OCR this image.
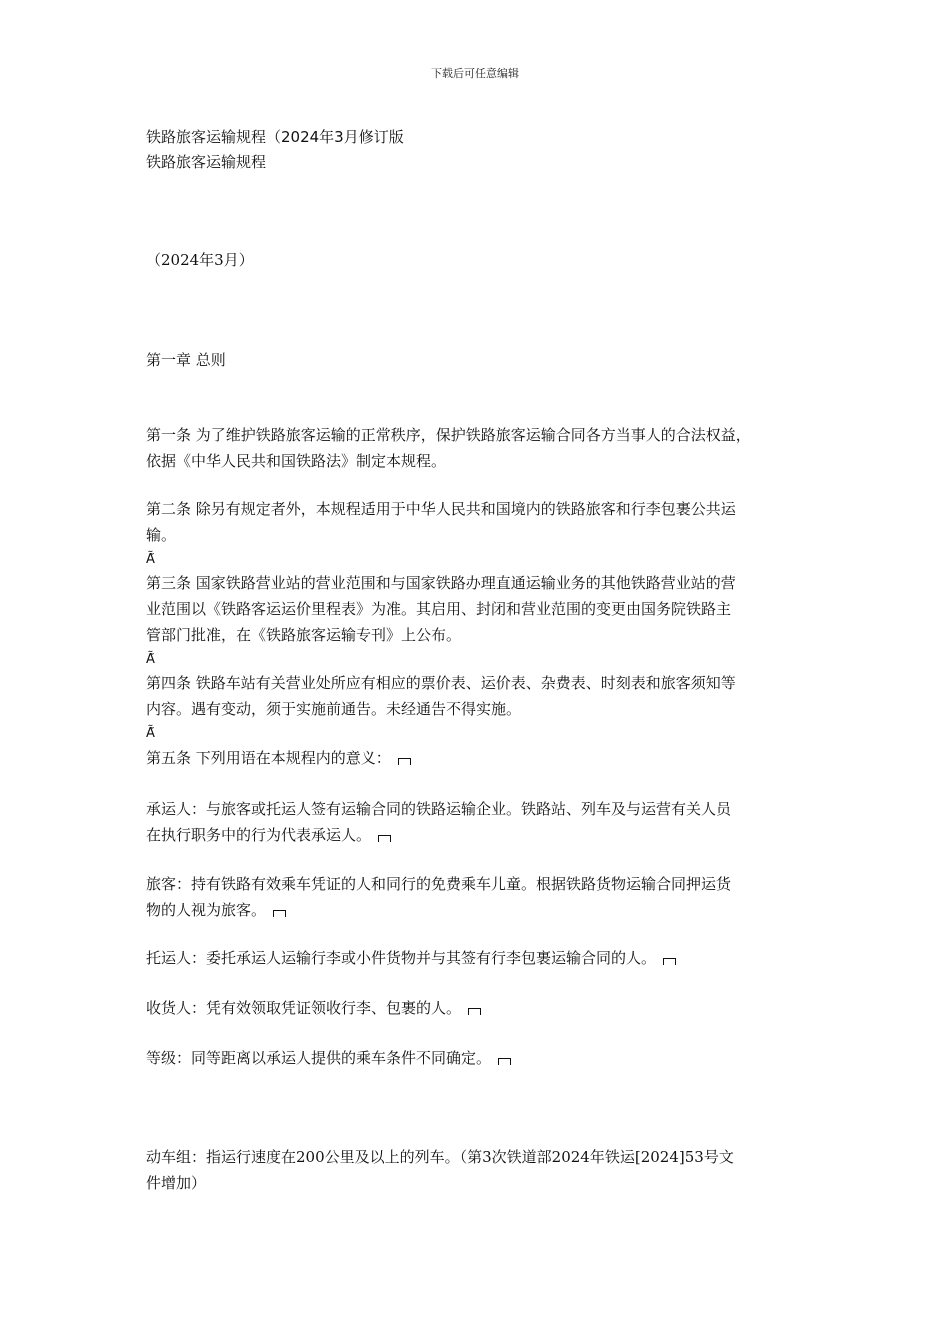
下载后可任意编辑
铁路旅客运输规程（2024年3月修订版
铁路旅客运输规程
（2024年3月）
第一章 总则
第一条 为了维护铁路旅客运输的正常秩序，保护铁路旅客运输合同各方当事人的合法权益，
依据《中华人民共和国铁路法》制定本规程。
第二条 除另有规定者外，本规程适用于中华人民共和国境内的铁路旅客和行李包裹公共运
输。
Ã̃
第三条 国家铁路营业站的营业范围和与国家铁路办理直通运输业务的其他铁路营业站的营
业范围以《铁路客运运价里程表》为准。其启用、封闭和营业范围的变更由国务院铁路主
管部门批准，在《铁路旅客运输专刊》上公布。
Ã̃
第四条 铁路车站有关营业处所应有相应的票价表、运价表、杂费表、时刻表和旅客须知等
内容。遇有变动，须于实施前通告。未经通告不得实施。
Ã̃
第五条 下列用语在本规程内的意义：
承运人：与旅客或托运人签有运输合同的铁路运输企业。铁路站、列车及与运营有关人员
在执行职务中的行为代表承运人。
旅客：持有铁路有效乘车凭证的人和同行的免费乘车儿童。根据铁路货物运输合同押运货
物的人视为旅客。
托运人：委托承运人运输行李或小件货物并与其签有行李包裹运输合同的人。
收货人：凭有效领取凭证领收行李、包裹的人。
等级：同等距离以承运人提供的乘车条件不同确定。
动车组：指运行速度在200公里及以上的列车。（第3次铁道部2024年铁运[2024]53号文
件增加）
